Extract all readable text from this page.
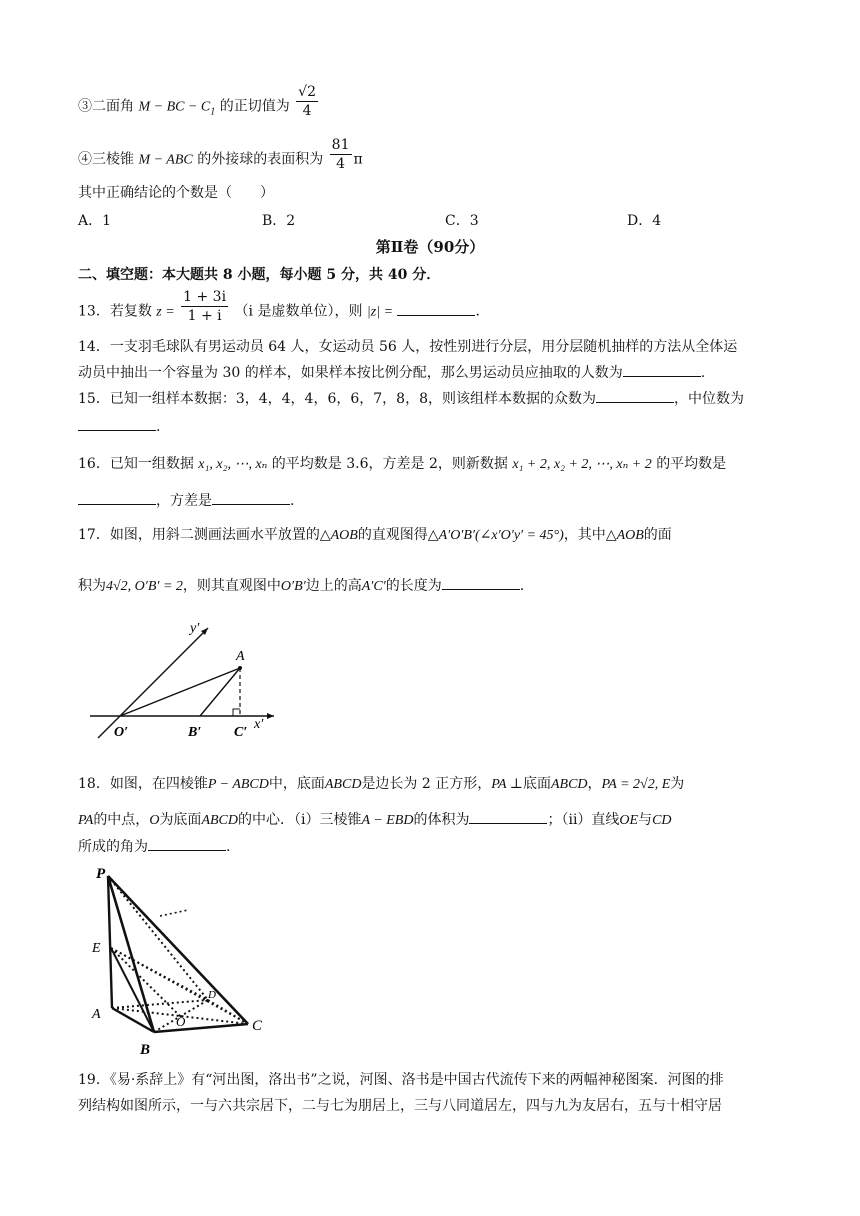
③二面角 M − BC − $C_1$ 的正切值为 $\frac{√2}{4}$
④三棱锥 M − ABC 的外接球的表面积为 $\frac{81}{4}$ π
其中正确结论的个数是（　　）
A．1	B．2	C．3	D．4
第Ⅱ卷（90分）
二、填空题：本大题共 8 小题，每小题 5 分，共 40 分．
13．若复数 $z = \frac{1 + 3i}{1 + i} (i$ 是虚数单位），则 |z| =	.
14．一支羽毛球队有男运动员 64 人，女运动员 56 人，按性别进行分层，用分层随机抽样的方法从全体运
动员中抽出一个容量为 30 的样本，如果样本按比例分配，那么男运动员应抽取的人数为	.
15．已知一组样本数据：3，4，4，4，6，6，7，8，8，则该组样本数据的众数为	，中位数为
.
16．已知一组数据 x₁, x₂, ⋯, xₙ 的平均数是 3.6，方差是 2，则新数据 x₁ + 2, x₂ + 2, ⋯, xₙ + 2 的平均数是
，方差是	.
17．如图，用斜二测画法画水平放置的△AOB的直观图得△A′O′B′(∠x′O′y′ = 45°)，其中△AOB的面
积为4√2, O′B′ = 2，则其直观图中O′B′边上的高A′C′的长度为	.
y′
A
O′	B′ C′
x′
18．如图，在四棱锥P − ABCD中，底面ABCD是边长为 2 正方形，PA ⊥底面ABCD，PA = 2√2, E为
PA的中点，O为底面ABCD的中心．（ⅰ）三棱锥A − EBD的体积为	；（ⅱ）直线OE与CD
所成的角为	.
P
E
A
B
O	C
D
19．《易·系辞上》有“河出图，洛出书”之说，河图、洛书是中国古代流传下来的两幅神秘图案．河图的排
列结构如图所示，一与六共宗居下，二与七为朋居上，三与八同道居左，四与九为友居右，五与十相守居
